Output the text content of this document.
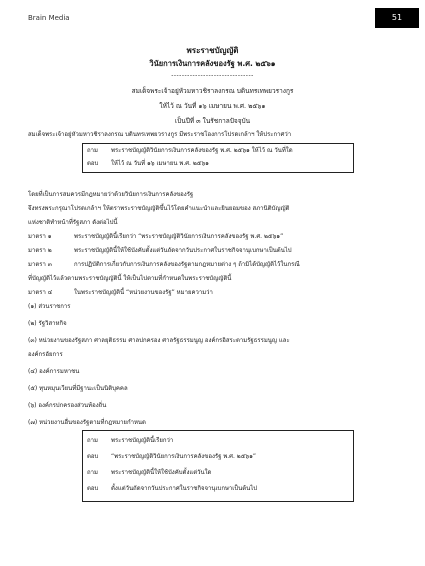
Brain Media	51
พระราชบัญญัติ
วินัยการเงินการคลังของรัฐ พ.ศ. ๒๕๖๑
-------------------------------
สมเด็จพระเจ้าอยู่หัวมหาวชิราลงกรณ บดินทรเทพยวรางกูร
ให้ไว้ ณ วันที่ ๑๖ เมษายน พ.ศ. ๒๕๖๑
เป็นปีที่ ๓ ในรัชกาลปัจจุบัน
สมเด็จพระเจ้าอยู่หัวมหาวชิราลงกรณ บดินทรเทพยวรางกูร มีพระราชโองการโปรดเกล้าฯ ให้ประกาศว่า
ถาม พระราชบัญญัติวินัยการเงินการคลังของรัฐ พ.ศ. ๒๕๖๑ ให้ไว้ ณ วันที่ใด
ตอบ ให้ไว้ ณ วันที่ ๑๖ เมษายน พ.ศ. ๒๕๖๑
โดยที่เป็นการสมควรมีกฎหมายว่าด้วยวินัยการเงินการคลังของรัฐ
จึงทรงพระกรุณาโปรดเกล้าฯ ให้ตราพระราชบัญญัติขึ้นไว้โดยคำแนะนำและยินยอมของ สภานิติบัญญัติ
แห่งชาติทำหน้าที่รัฐสภา ดังต่อไปนี้
มาตรา ๑	พระราชบัญญัตินี้เรียกว่า “พระราชบัญญัติวินัยการเงินการคลังของรัฐ พ.ศ. ๒๕๖๑”
มาตรา ๒	พระราชบัญญัตินี้ให้ใช้บังคับตั้งแต่วันถัดจากวันประกาศในราชกิจจานุเบกษาเป็นต้นไป
มาตรา ๓	การปฏิบัติการเกี่ยวกับการเงินการคลังของรัฐตามกฎหมายต่าง ๆ ถ้ามิได้บัญญัติไว้ในกรณี
ที่บัญญัติไว้แล้วตามพระราชบัญญัตินี้ ให้เป็นไปตามที่กำหนดในพระราชบัญญัตินี้
มาตรา ๔	ในพระราชบัญญัตินี้ “หน่วยงานของรัฐ” หมายความว่า
(๑) ส่วนราชการ
(๒) รัฐวิสาหกิจ
(๓) หน่วยงานของรัฐสภา ศาลยุติธรรม ศาลปกครอง ศาลรัฐธรรมนูญ องค์กรอิสระตามรัฐธรรมนูญ และ
องค์กรอัยการ
(๔) องค์การมหาชน
(๕) ทุนหมุนเวียนที่มีฐานะเป็นนิติบุคคล
(๖) องค์กรปกครองส่วนท้องถิ่น
(๗) หน่วยงานอื่นของรัฐตามที่กฎหมายกำหนด
ถาม พระราชบัญญัตินี้เรียกว่า
ตอบ “พระราชบัญญัติวินัยการเงินการคลังของรัฐ พ.ศ. ๒๕๖๑”
ถาม พระราชบัญญัตินี้ให้ใช้บังคับตั้งแต่วันใด
ตอบ ตั้งแต่วันถัดจากวันประกาศในราชกิจจานุเบกษาเป็นต้นไป
